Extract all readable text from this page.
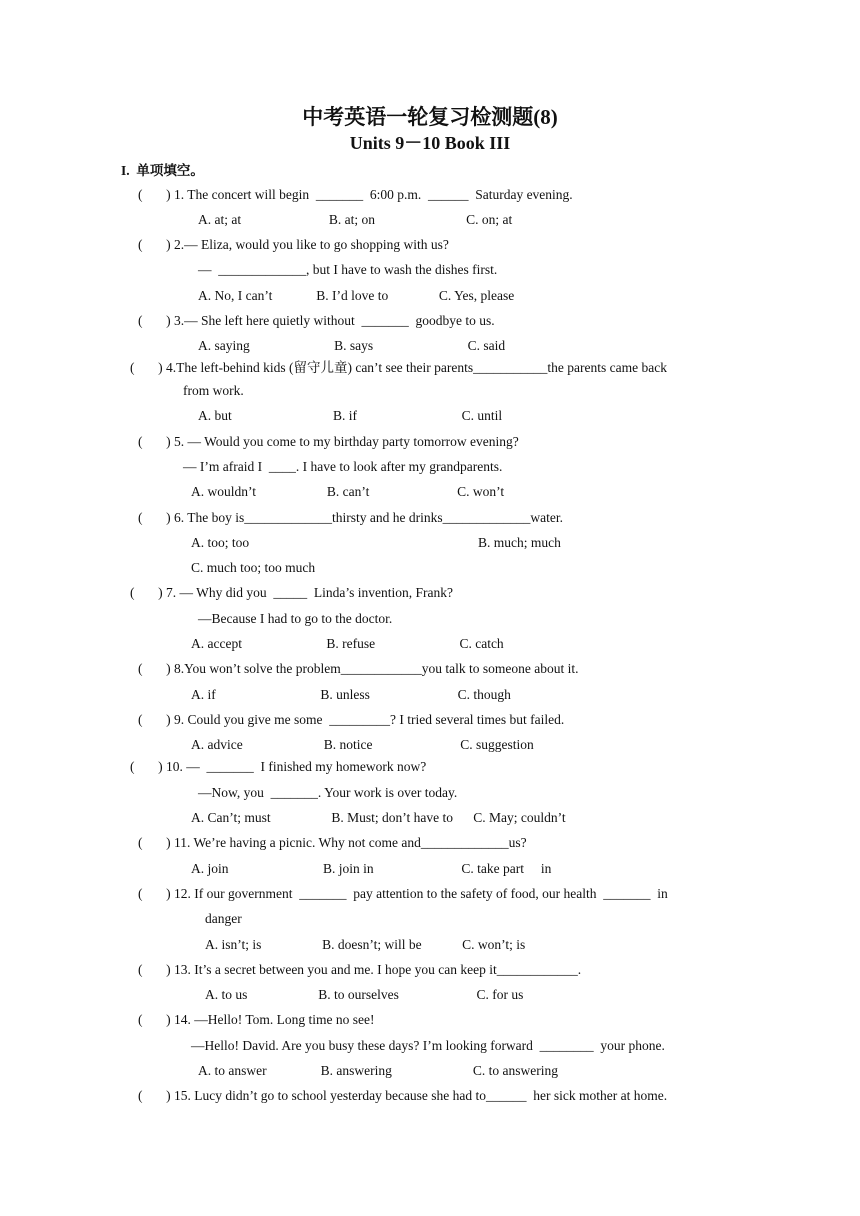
中考英语一轮复习检测题(8)
Units 9－10 Book III
I.  单项填空。
(       ) 1. The concert will begin  _______  6:00 p.m.  ______  Saturday evening.
A. at; at                          B. at; on                           C. on; at
(       ) 2.— Eliza, would you like to go shopping with us?
—  _____________, but I have to wash the dishes first.
A. No, I can’t             B. I’d love to               C. Yes, please
(       ) 3.— She left here quietly without  _______  goodbye to us.
A. saying                         B. says                            C. said
(       ) 4.The left-behind kids (留守儿童) can’t see their parents___________the parents came back
from work.
A. but                              B. if                               C. until
(       ) 5. — Would you come to my birthday party tomorrow evening?
— I’m afraid I  ____. I have to look after my grandparents.
A. wouldn’t                     B. can’t                          C. won’t
(       ) 6. The boy is_____________thirsty and he drinks_____________water.
A. too; too	B. much; much
C. much too; too much
(       ) 7. — Why did you  _____  Linda’s invention, Frank?
—Because I had to go to the doctor.
A. accept                         B. refuse                         C. catch
(       ) 8.You won’t solve the problem____________you talk to someone about it.
A. if                               B. unless                          C. though
(       ) 9. Could you give me some  _________? I tried several times but failed.
A. advice                        B. notice                          C. suggestion
(       ) 10. —  _______  I finished my homework now?
—Now, you  _______. Your work is over today.
A. Can’t; must                  B. Must; don’t have to      C. May; couldn’t
(       ) 11. We’re having a picnic. Why not come and_____________us?
A. join                            B. join in                          C. take part     in
(       ) 12. If our government  _______  pay attention to the safety of food, our health  _______  in
danger
A. isn’t; is                  B. doesn’t; will be            C. won’t; is
(       ) 13. It’s a secret between you and me. I hope you can keep it____________.
A. to us                     B. to ourselves                       C. for us
(       ) 14. —Hello! Tom. Long time no see!
—Hello! David. Are you busy these days? I’m looking forward  ________  your phone.
A. to answer                B. answering                        C. to answering
(       ) 15. Lucy didn’t go to school yesterday because she had to______  her sick mother at home.
